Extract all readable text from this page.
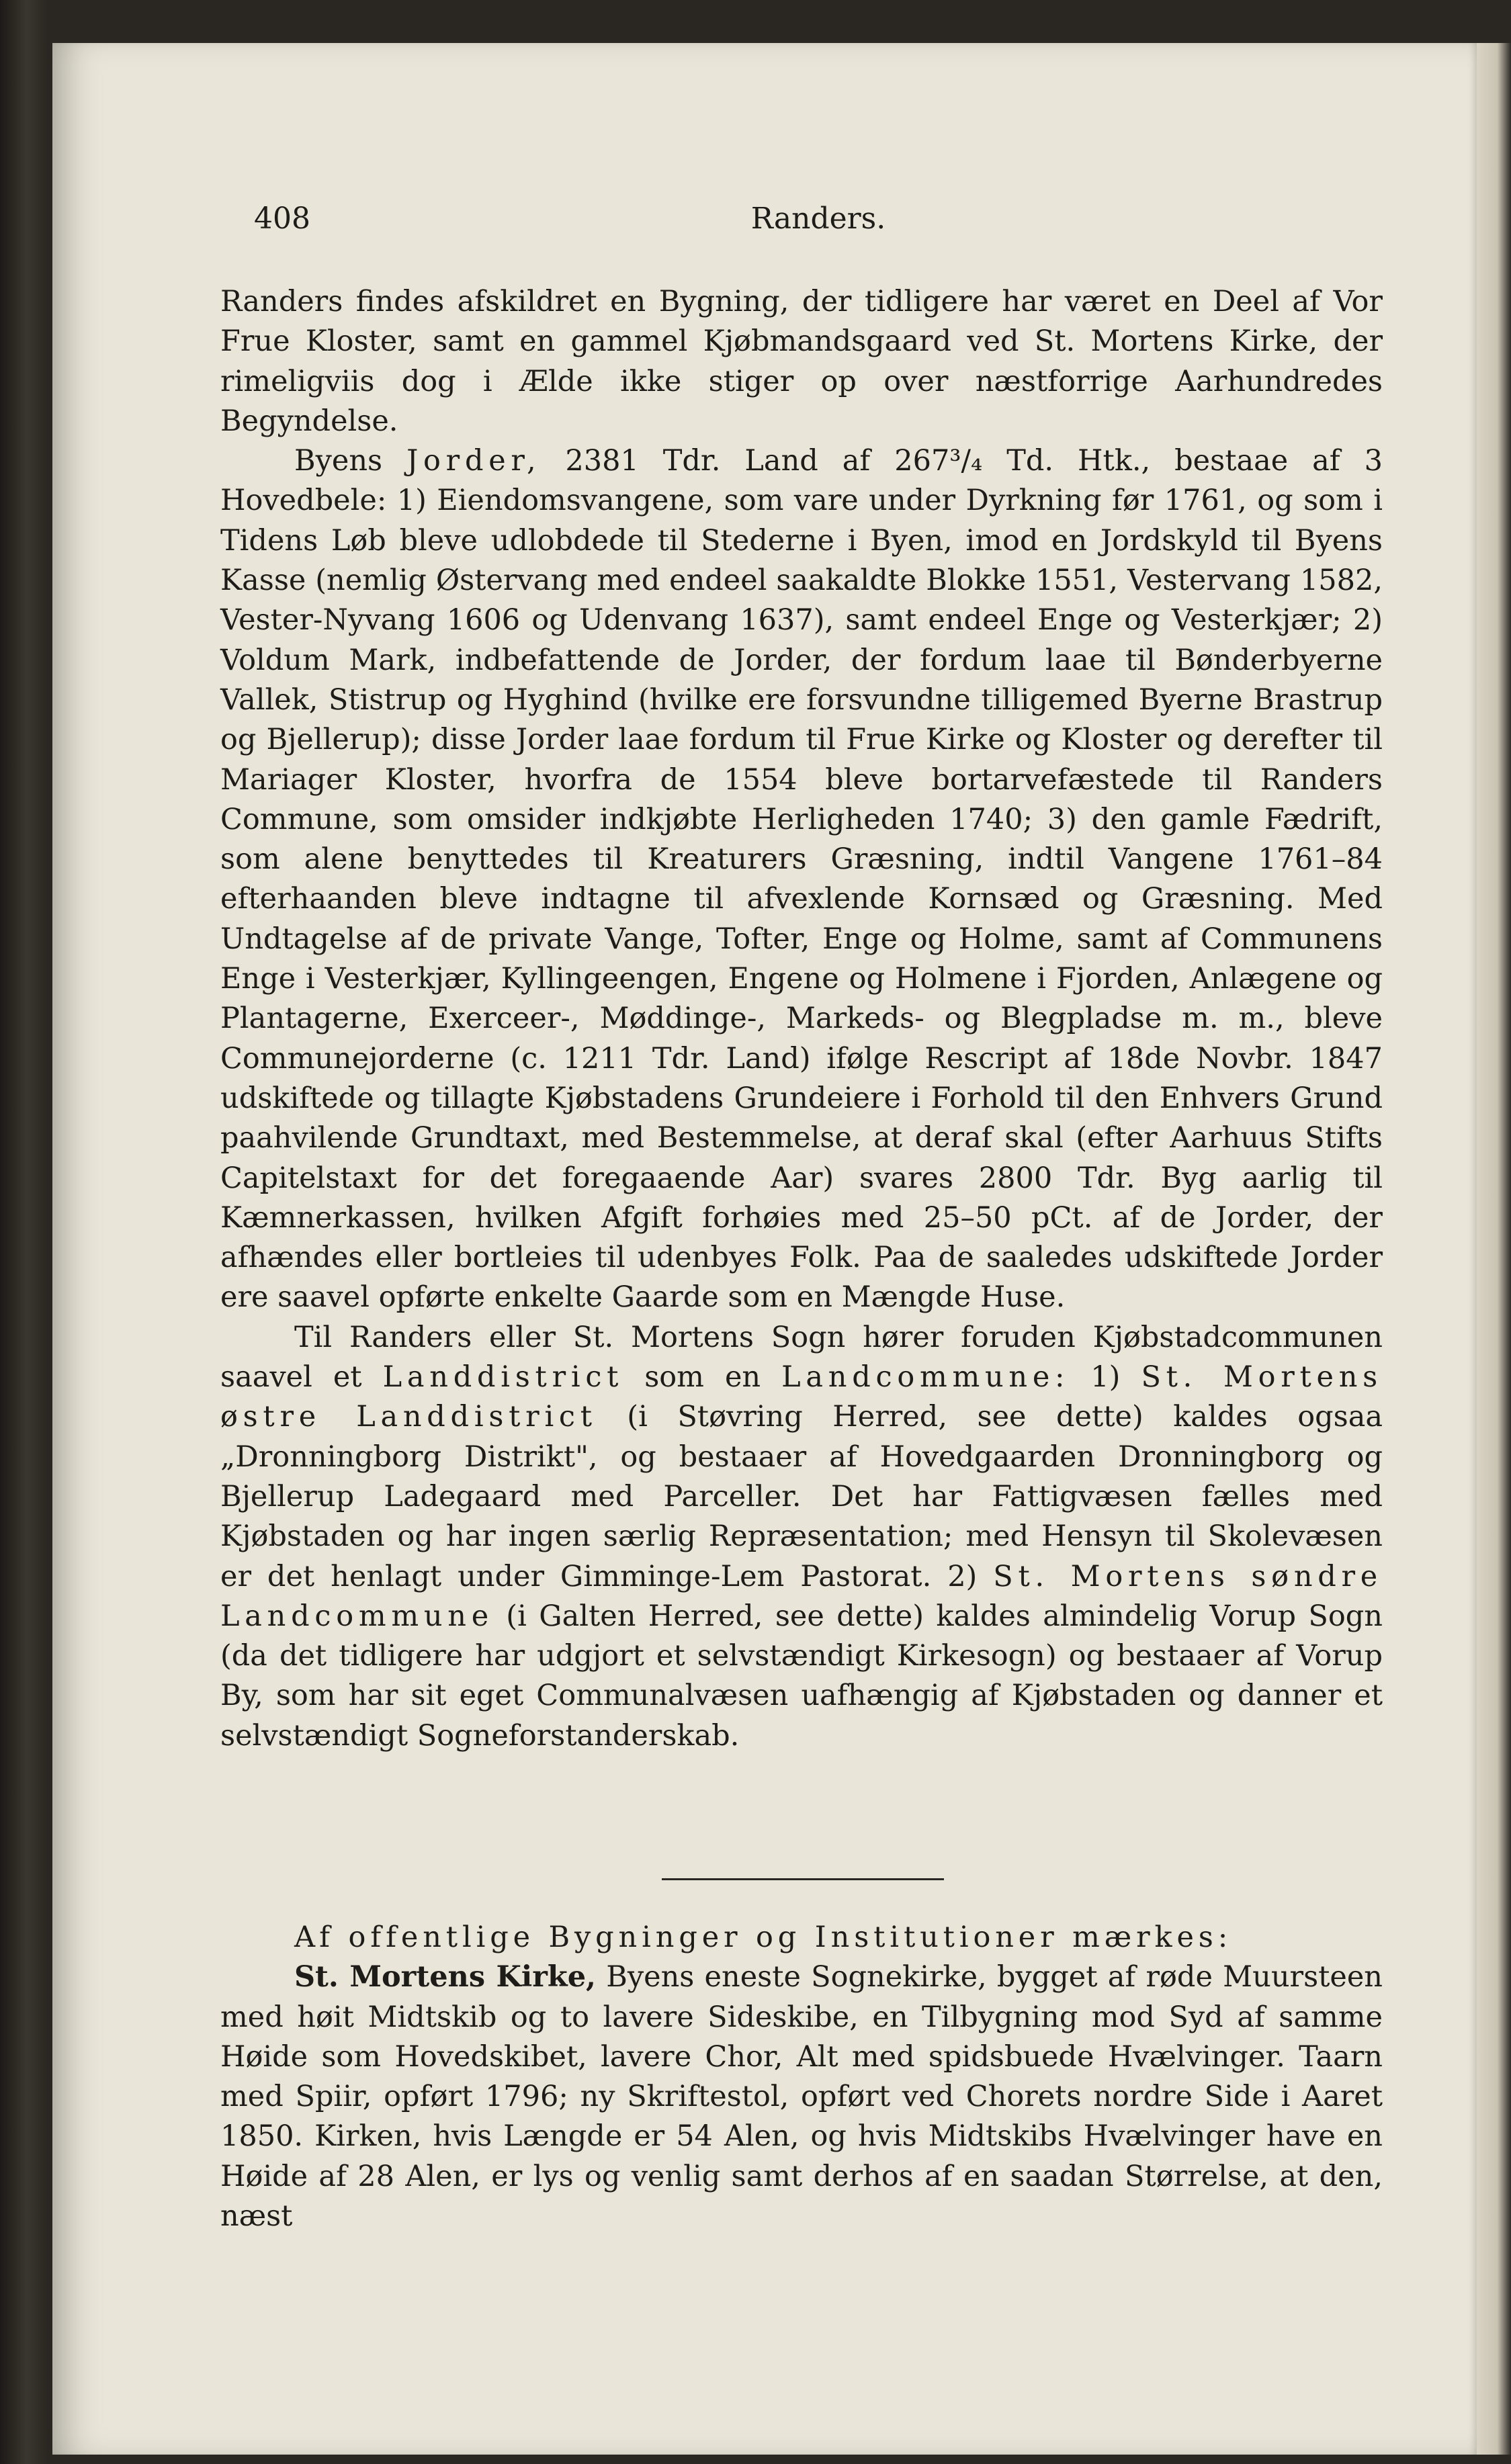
408	Randers.

Randers findes afskildret en Bygning, der tidligere har været en Deel af Vor Frue Kloster, samt en gammel Kjøbmandsgaard ved St. Mortens Kirke, der rimeligviis dog i Ælde ikke stiger op over næstforrige Aarhundredes Begyndelse.

Byens Jorder, 2381 Tdr. Land af 267³/₄ Td. Htk., bestaae af 3 Hovedbele: 1) Eiendomsvangene, som vare under Dyrkning før 1761, og som i Tidens Løb bleve udlobdede til Stederne i Byen, imod en Jordskyld til Byens Kasse (nemlig Østervang med endeel saakaldte Blokke 1551, Vestervang 1582, Vester-Nyvang 1606 og Udenvang 1637), samt endeel Enge og Vesterkjær; 2) Voldum Mark, indbefattende de Jorder, der fordum laae til Bønderbyerne Vallek, Stistrup og Hyghind (hvilke ere forsvundne tilligemed Byerne Brastrup og Bjellerup); disse Jorder laae fordum til Frue Kirke og Kloster og derefter til Mariager Kloster, hvorfra de 1554 bleve bortarvefæstede til Randers Commune, som omsider indkjøbte Herligheden 1740; 3) den gamle Fædrift, som alene benyttedes til Kreaturers Græsning, indtil Vangene 1761–84 efterhaanden bleve indtagne til afvexlende Kornsæd og Græsning. Med Undtagelse af de private Vange, Tofter, Enge og Holme, samt af Communens Enge i Vesterkjær, Kyllingeengen, Engene og Holmene i Fjorden, Anlægene og Plantagerne, Exerceer-, Møddinge-, Markeds- og Blegpladse m. m., bleve Communejorderne (c. 1211 Tdr. Land) ifølge Rescript af 18de Novbr. 1847 udskiftede og tillagte Kjøbstadens Grundeiere i Forhold til den Enhvers Grund paahvilende Grundtaxt, med Bestemmelse, at deraf skal (efter Aarhuus Stifts Capitelstaxt for det foregaaende Aar) svares 2800 Tdr. Byg aarlig til Kæmnerkassen, hvilken Afgift forhøies med 25–50 pCt. af de Jorder, der afhændes eller bortleies til udenbyes Folk. Paa de saaledes udskiftede Jorder ere saavel opførte enkelte Gaarde som en Mængde Huse.

Til Randers eller St. Mortens Sogn hører foruden Kjøbstadcommunen saavel et Landdistrict som en Landcommune: 1) St. Mortens østre Landdistrict (i Støvring Herred, see dette) kaldes ogsaa „Dronningborg Distrikt", og bestaaer af Hovedgaarden Dronningborg og Bjellerup Ladegaard med Parceller. Det har Fattigvæsen fælles med Kjøbstaden og har ingen særlig Repræsentation; med Hensyn til Skolevæsen er det henlagt under Gimminge-Lem Pastorat. 2) St. Mortens søndre Landcommune (i Galten Herred, see dette) kaldes almindelig Vorup Sogn (da det tidligere har udgjort et selvstændigt Kirkesogn) og bestaaer af Vorup By, som har sit eget Communalvæsen uafhængig af Kjøbstaden og danner et selvstændigt Sogneforstanderskab.

Af offentlige Bygninger og Institutioner mærkes:

St. Mortens Kirke, Byens eneste Sognekirke, bygget af røde Muursteen med høit Midtskib og to lavere Sideskibe, en Tilbygning mod Syd af samme Høide som Hovedskibet, lavere Chor, Alt med spidsbuede Hvælvinger. Taarn med Spiir, opført 1796; ny Skriftestol, opført ved Chorets nordre Side i Aaret 1850. Kirken, hvis Længde er 54 Alen, og hvis Midtskibs Hvælvinger have en Høide af 28 Alen, er lys og venlig samt derhos af en saadan Størrelse, at den, næst
